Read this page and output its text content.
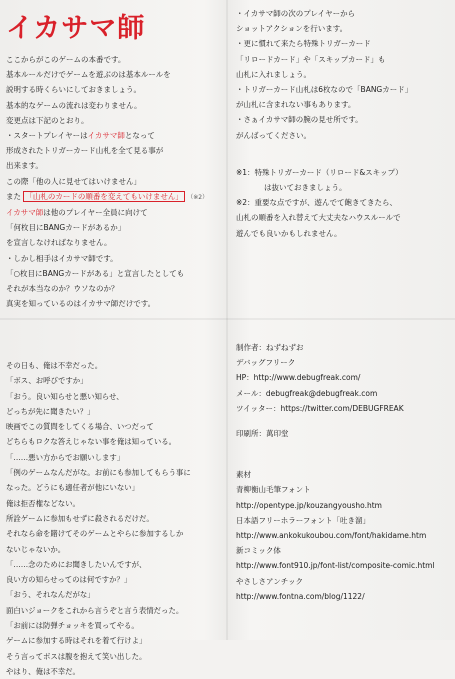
イカサマ師

ここからがこのゲームの本番です。

基本ルールだけでゲームを遊ぶのは基本ルールを

説明する時くらいにしておきましょう。

基本的なゲームの流れは変わりません。

変更点は下記のとおり。

・スタートプレイヤーはイカサマ師となって

形成されたトリガーカード山札を全て見る事が

出来ます。

この際「他の人に見せてはいけません」

また 「山札のカードの順番を変えてもいけません」 （※2）

イカサマ師は他のプレイヤー全員に向けて

「何枚目にBANGカードがあるか」

を宣言しなければなりません。

・しかし相手はイカサマ師です。

「○枚目にBANGカードがある」と宣言したとしても

それが本当なのか？ウソなのか？

真実を知っているのはイカサマ師だけです。

・イカサマ師の次のプレイヤーから

ショットアクションを行います。

・更に慣れて来たら特殊トリガーカード

「リロードカード」や「スキップカード」も

山札に入れましょう。

・トリガーカード山札は6枚なので「BANGカード」

が山札に含まれない事もあります。

・さぁイカサマ師の腕の見せ所です。

がんばってください。

※1：特殊トリガーカード（リロード&スキップ）

は抜いておきましょう。

※2：重要な点ですが、遊んでて飽きてきたら、

山札の順番を入れ替えて大丈夫なハウスルールで

遊んでも良いかもしれません。

その日も、俺は不幸だった。

「ボス、お呼びですか」

「おう。良い知らせと悪い知らせ、

どっちが先に聞きたい？」

映画でこの質問をしてくる場合、いつだって

どちらもロクな答えじゃない事を俺は知っている。

「……悪い方からでお願いします」

「例のゲームなんだがな。お前にも参加してもらう事に

なった。どうにも適任者が他にいない」

俺は拒否権などない。

所詮ゲームに参加もせずに殺されるだけだ。

それなら命を賭けてそのゲームとやらに参加するしか

ないじゃないか。

「……念のためにお聞きしたいんですが、

良い方の知らせってのは何ですか？」

「おう、それなんだがな」

面白いジョークをこれから言うぞと言う表情だった。

「お前には防弾チョッキを買ってやる。

ゲームに参加する時はそれを着て行けよ」

そう言ってボスは腹を抱えて笑い出した。

やはり、俺は不幸だ。

制作者：ねずねずお

デバッグフリーク

HP：http://www.debugfreak.com/

メール：debugfreak@debugfreak.com

ツイッター：https://twitter.com/DEBUGFREAK

印刷所：萬印堂

素材

青柳衡山毛筆フォント

http://opentype.jp/kouzangyousho.htm

日本語フリーホラーフォント「吐き溜」

http://www.ankokukoubou.com/font/hakidame.htm

新コミック体

http://www.font910.jp/font-list/composite-comic.html

やさしさアンチック

http://www.fontna.com/blog/1122/
